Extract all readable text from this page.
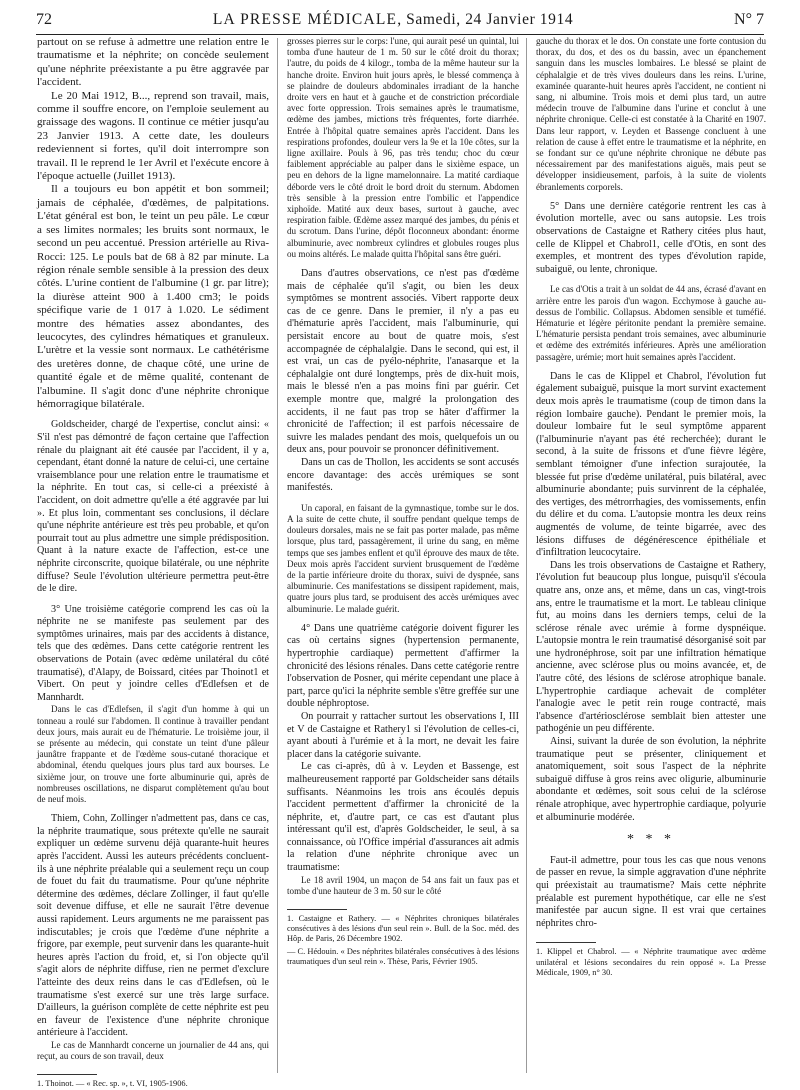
72	LA PRESSE MÉDICALE, Samedi, 24 Janvier 1914	N° 7

partout on se refuse à admettre une relation entre le traumatisme et la néphrite; on concède seulement qu'une néphrite préexistante a pu être aggravée par l'accident.

Le 20 Mai 1912, B..., reprend son travail, mais, comme il souffre encore, on l'emploie seulement au graissage des wagons. Il continue ce métier jusqu'au 23 Janvier 1913. A cette date, les douleurs redeviennent si fortes, qu'il doit interrompre son travail. Il le reprend le 1er Avril et l'exécute encore à l'époque actuelle (Juillet 1913).

Il a toujours eu bon appétit et bon sommeil; jamais de céphalée, d'œdèmes, de palpitations. L'état général est bon, le teint un peu pâle. Le cœur a ses limites normales; les bruits sont normaux, le second un peu accentué. Pression artérielle au Riva-Rocci: 125. Le pouls bat de 68 à 82 par minute. La région rénale semble sensible à la pression des deux côtés. L'urine contient de l'albumine (1 gr. par litre); la diurèse atteint 900 à 1.400 cm3; le poids spécifique varie de 1 017 à 1.020. Le sédiment montre des hématies assez abondantes, des leucocytes, des cylindres hématiques et granuleux. L'urètre et la vessie sont normaux. Le cathétérisme des uretères donne, de chaque côté, une urine de quantité égale et de même qualité, contenant de l'albumine. Il s'agit donc d'une néphrite chronique hémorragique bilatérale.

Goldscheider, chargé de l'expertise, conclut ainsi: « S'il n'est pas démontré de façon certaine que l'affection rénale du plaignant ait été causée par l'accident, il y a, cependant, étant donné la nature de celui-ci, une certaine vraisemblance pour une relation entre le traumatisme et la néphrite. En tout cas, si celle-ci a préexisté à l'accident, on doit admettre qu'elle a été aggravée par lui ». Et plus loin, commentant ses conclusions, il déclare qu'une néphrite antérieure est très peu probable, et qu'on pourrait tout au plus admettre une simple prédisposition. Quant à la nature exacte de l'affection, est-ce une néphrite circonscrite, quoique bilatérale, ou une néphrite diffuse? Seule l'évolution ultérieure permettra peut-être de le dire.

3° Une troisième catégorie comprend les cas où la néphrite ne se manifeste pas seulement par des symptômes urinaires, mais par des accidents à distance, tels que des œdèmes. Dans cette catégorie rentrent les observations de Potain (avec œdème unilatéral du côté traumatisé), d'Alapy, de Boissard, citées par Thoinot1 et Vibert. On peut y joindre celles d'Edlefsen et de Mannhardt.

Dans le cas d'Edlefsen, il s'agit d'un homme à qui un tonneau a roulé sur l'abdomen. Il continue à travailler pendant deux jours, mais aurait eu de l'hématurie. Le troisième jour, il se présente au médecin, qui constate un teint d'une pâleur jaunâtre frappante et de l'œdème sous-cutané thoracique et abdominal, étendu quelques jours plus tard aux bourses. Le sixième jour, on trouve une forte albuminurie qui, après de nombreuses oscillations, ne disparut complètement qu'au bout de neuf mois.

Thiem, Cohn, Zollinger n'admettent pas, dans ce cas, la néphrite traumatique, sous prétexte qu'elle ne saurait expliquer un œdème survenu déjà quarante-huit heures après l'accident. Aussi les auteurs précédents concluent-ils à une néphrite préalable qui a seulement reçu un coup de fouet du fait du traumatisme. Pour qu'une néphrite détermine des œdèmes, déclare Zollinger, il faut qu'elle soit devenue diffuse, et elle ne saurait l'être devenue aussi rapidement. Leurs arguments ne me paraissent pas indiscutables; je crois que l'œdème d'une néphrite a frigore, par exemple, peut survenir dans les quarante-huit heures après l'action du froid, et, si l'on objecte qu'il s'agit alors de néphrite diffuse, rien ne permet d'exclure l'atteinte des deux reins dans le cas d'Edlefsen, où le traumatisme s'est exercé sur une très large surface. D'ailleurs, la guérison complète de cette néphrite est peu en faveur de l'existence d'une néphrite chronique antérieure à l'accident.

Le cas de Mannhardt concerne un journalier de 44 ans, qui reçut, au cours de son travail, deux

1. Thoinot. — « Rec. sp. », t. VI, 1905-1906.

grosses pierres sur le corps: l'une, qui aurait pesé un quintal, lui tomba d'une hauteur de 1 m. 50 sur le côté droit du thorax; l'autre, du poids de 4 kilogr., tomba de la même hauteur sur la hanche droite. Environ huit jours après, le blessé commença à se plaindre de douleurs abdominales irradiant de la hanche droite vers en haut et à gauche et de constriction précordiale avec forte oppression. Trois semaines après le traumatisme, œdème des jambes, mictions très fréquentes, forte diarrhée. Entrée à l'hôpital quatre semaines après l'accident. Dans les respirations profondes, douleur vers la 9e et la 10e côtes, sur la ligne axillaire. Pouls à 96, pas très tendu; choc du cœur faiblement appréciable au palper dans le sixième espace, un peu en dehors de la ligne mamelonnaire. La matité cardiaque déborde vers le côté droit le bord droit du sternum. Abdomen très sensible à la pression entre l'ombilic et l'appendice xiphoïde. Matité aux deux bases, surtout à gauche, avec respiration faible. Œdème assez marqué des jambes, du pénis et du scrotum. Dans l'urine, dépôt floconneux abondant: énorme albuminurie, avec nombreux cylindres et globules rouges plus ou moins altérés. Le malade quitta l'hôpital sans être guéri.

Dans d'autres observations, ce n'est pas d'œdème mais de céphalée qu'il s'agit, ou bien les deux symptômes se montrent associés. Vibert rapporte deux cas de ce genre. Dans le premier, il n'y a pas eu d'hématurie après l'accident, mais l'albuminurie, qui persistait encore au bout de quatre mois, s'est accompagnée de céphalalgie. Dans le second, qui est, il est vrai, un cas de pyélo-néphrite, l'anasarque et la céphalalgie ont duré longtemps, près de dix-huit mois, mais le blessé n'en a pas moins fini par guérir. Cet exemple montre que, malgré la prolongation des accidents, il ne faut pas trop se hâter d'affirmer la chronicité de l'affection; il est parfois nécessaire de suivre les malades pendant des mois, quelquefois un ou deux ans, pour pouvoir se prononcer définitivement.

Dans un cas de Thollon, les accidents se sont accusés encore davantage: des accès urémiques se sont manifestés.

Un caporal, en faisant de la gymnastique, tombe sur le dos. A la suite de cette chute, il souffre pendant quelque temps de douleurs dorsales, mais ne se fait pas porter malade, pas même lorsque, plus tard, passagèrement, il urine du sang, en même temps que ses jambes enflent et qu'il éprouve des maux de tête. Deux mois après l'accident survient brusquement de l'œdème de la partie inférieure droite du thorax, suivi de dyspnée, sans albuminurie. Ces manifestations se dissipent rapidement, mais, quatre jours plus tard, se produisent des accès urémiques avec albuminurie. Le malade guérit.

4° Dans une quatrième catégorie doivent figurer les cas où certains signes (hypertension permanente, hypertrophie cardiaque) permettent d'affirmer la chronicité des lésions rénales. Dans cette catégorie rentre l'observation de Posner, qui mérite cependant une place à part, parce qu'ici la néphrite semble s'être greffée sur une double néphroptose.

On pourrait y rattacher surtout les observations I, III et V de Castaigne et Rathery1 si l'évolution de celles-ci, ayant abouti à l'urémie et à la mort, ne devait les faire placer dans la catégorie suivante.

Le cas ci-après, dû à v. Leyden et Bassenge, est malheureusement rapporté par Goldscheider sans détails suffisants. Néanmoins les trois ans écoulés depuis l'accident permettent d'affirmer la chronicité de la néphrite, et, d'autre part, ce cas est d'autant plus intéressant qu'il est, d'après Goldscheider, le seul, à sa connaissance, où l'Office impérial d'assurances ait admis la relation d'une néphrite chronique avec un traumatisme:

Le 18 avril 1904, un maçon de 54 ans fait un faux pas et tombe d'une hauteur de 3 m. 50 sur le côté

1. Castaigne et Rathery. — « Néphrites chroniques bilatérales consécutives à des lésions d'un seul rein ». Bull. de la Soc. méd. des Hôp. de Paris, 26 Décembre 1902.

— C. Hédouin. « Des néphrites bilatérales consécutives à des lésions traumatiques d'un seul rein ». Thèse, Paris, Février 1905.

gauche du thorax et le dos. On constate une forte contusion du thorax, du dos, et des os du bassin, avec un épanchement sanguin dans les muscles lombaires. Le blessé se plaint de céphalalgie et de très vives douleurs dans les reins. L'urine, examinée quarante-huit heures après l'accident, ne contient ni sang, ni albumine. Trois mois et demi plus tard, un autre médecin trouve de l'albumine dans l'urine et conclut à une néphrite chronique. Celle-ci est constatée à la Charité en 1907. Dans leur rapport, v. Leyden et Bassenge concluent à une relation de cause à effet entre le traumatisme et la néphrite, en se fondant sur ce qu'une néphrite chronique ne débute pas nécessairement par des manifestations aiguës, mais peut se développer insidieusement, parfois, à la suite de violents ébranlements corporels.

5° Dans une dernière catégorie rentrent les cas à évolution mortelle, avec ou sans autopsie. Les trois observations de Castaigne et Rathery citées plus haut, celle de Klippel et Chabrol1, celle d'Otis, en sont des exemples, et montrent des types d'évolution rapide, subaiguë, ou lente, chronique.

Le cas d'Otis a trait à un soldat de 44 ans, écrasé d'avant en arrière entre les parois d'un wagon. Ecchymose à gauche au-dessus de l'ombilic. Collapsus. Abdomen sensible et tuméfié. Hématurie et légère péritonite pendant la première semaine. L'hématurie persista pendant trois semaines, avec albuminurie et œdème des extrémités inférieures. Après une amélioration passagère, urémie; mort huit semaines après l'accident.

Dans le cas de Klippel et Chabrol, l'évolution fut également subaiguë, puisque la mort survint exactement deux mois après le traumatisme (coup de timon dans la région lombaire gauche). Pendant le premier mois, la douleur lombaire fut le seul symptôme apparent (l'albuminurie n'ayant pas été recherchée); durant le second, à la suite de frissons et d'une fièvre légère, semblant témoigner d'une infection surajoutée, la blessée fut prise d'œdème unilatéral, puis bilatéral, avec albuminurie abondante; puis survinrent de la céphalée, des vertiges, des métrorrhagies, des vomissements, enfin du délire et du coma. L'autopsie montra les deux reins augmentés de volume, de teinte bigarrée, avec des lésions diffuses de dégénérescence épithéliale et d'infiltration leucocytaire.

Dans les trois observations de Castaigne et Rathery, l'évolution fut beaucoup plus longue, puisqu'il s'écoula quatre ans, onze ans, et même, dans un cas, vingt-trois ans, entre le traumatisme et la mort. Le tableau clinique fut, au moins dans les derniers temps, celui de la sclérose rénale avec urémie à forme dyspnéique. L'autopsie montra le rein traumatisé désorganisé soit par une hydronéphrose, soit par une infiltration hématique ancienne, avec sclérose plus ou moins avancée, et, de l'autre côté, des lésions de sclérose atrophique banale. L'hypertrophie cardiaque achevait de compléter l'analogie avec le petit rein rouge contracté, mais l'absence d'artériosclérose semblait bien attester une pathogénie un peu différente.

Ainsi, suivant la durée de son évolution, la néphrite traumatique peut se présenter, cliniquement et anatomiquement, soit sous l'aspect de la néphrite subaiguë diffuse à gros reins avec oligurie, albuminurie abondante et œdèmes, soit sous celui de la sclérose rénale atrophique, avec hypertrophie cardiaque, polyurie et albuminurie modérée.

* * *

Faut-il admettre, pour tous les cas que nous venons de passer en revue, la simple aggravation d'une néphrite qui préexistait au traumatisme? Mais cette néphrite préalable est purement hypothétique, car elle ne s'est manifestée par aucun signe. Il est vrai que certaines néphrites chro-

1. Klippel et Chabrol. — « Néphrite traumatique avec œdème unilatéral et lésions secondaires du rein opposé ». La Presse Médicale, 1909, n° 30.
